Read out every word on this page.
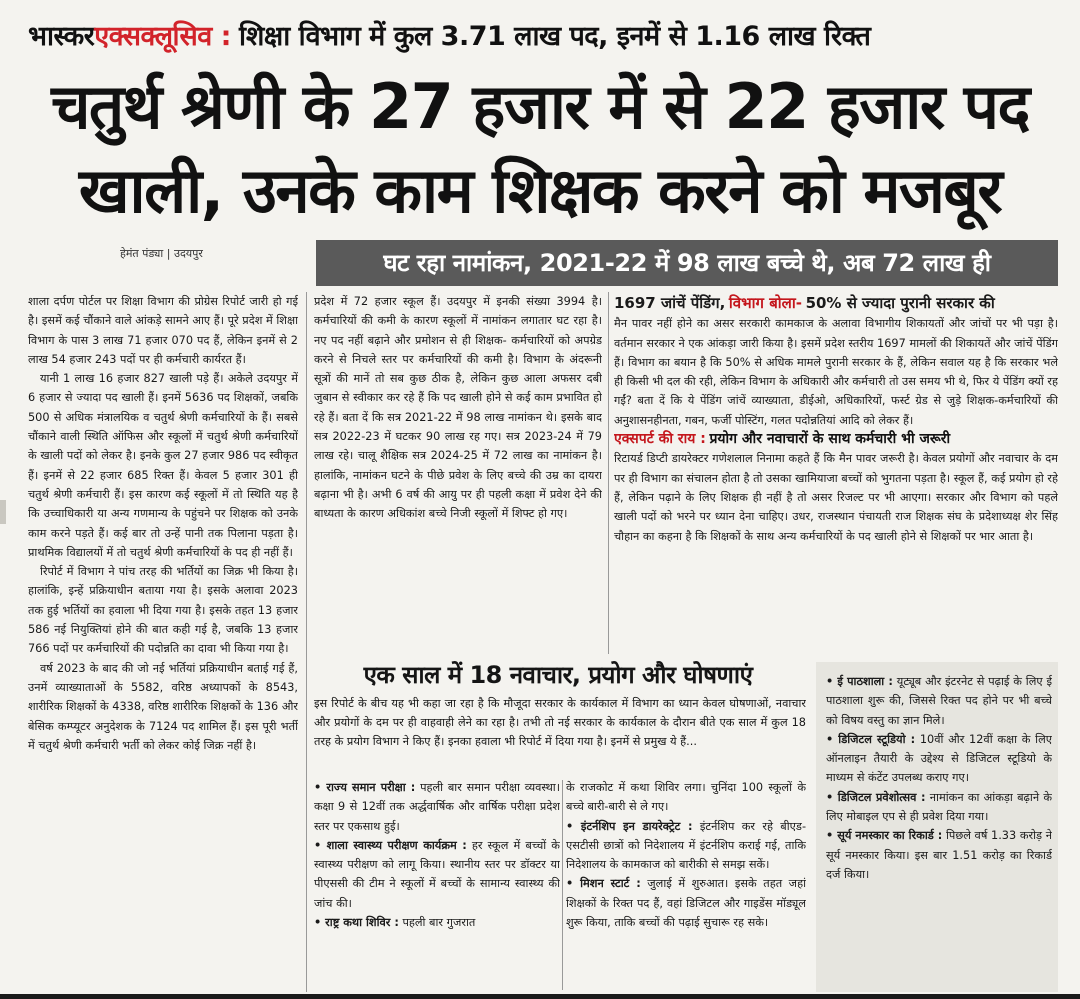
भास्कर एक्सक्लूसिव : शिक्षा विभाग में कुल 3.71 लाख पद, इनमें से 1.16 लाख रिक्त
चतुर्थ श्रेणी के 27 हजार में से 22 हजार पद
खाली, उनके काम शिक्षक करने को मजबूर
हेमंत पंड्या | उदयपुर	घट रहा नामांकन, 2021-22 में 98 लाख बच्चे थे, अब 72 लाख ही

शाला दर्पण पोर्टल पर शिक्षा विभाग की प्रोग्रेस रिपोर्ट जारी हो गई है। इसमें कई चौंकाने वाले आंकड़े सामने आए हैं। पूरे प्रदेश में शिक्षा विभाग के पास 3 लाख 71 हजार 070 पद हैं, लेकिन इनमें से 2 लाख 54 हजार 243 पदों पर ही कर्मचारी कार्यरत हैं।

यानी 1 लाख 16 हजार 827 खाली पड़े हैं। अकेले उदयपुर में 6 हजार से ज्यादा पद खाली हैं। इनमें 5636 पद शिक्षकों, जबकि 500 से अधिक मंत्रालयिक व चतुर्थ श्रेणी कर्मचारियों के हैं। सबसे चौंकाने वाली स्थिति ऑफिस और स्कूलों में चतुर्थ श्रेणी कर्मचारियों के खाली पदों को लेकर है। इनके कुल 27 हजार 986 पद स्वीकृत हैं। इनमें से 22 हजार 685 रिक्त हैं। केवल 5 हजार 301 ही चतुर्थ श्रेणी कर्मचारी हैं। इस कारण कई स्कूलों में तो स्थिति यह है कि उच्चाधिकारी या अन्य गणमान्य के पहुंचने पर शिक्षक को उनके काम करने पड़ते हैं। कई बार तो उन्हें पानी तक पिलाना पड़ता है। प्राथमिक विद्यालयों में तो चतुर्थ श्रेणी कर्मचारियों के पद ही नहीं हैं।

रिपोर्ट में विभाग ने पांच तरह की भर्तियों का जिक्र भी किया है। हालांकि, इन्हें प्रक्रियाधीन बताया गया है। इसके अलावा 2023 तक हुई भर्तियों का हवाला भी दिया गया है। इसके तहत 13 हजार 586 नई नियुक्तियां होने की बात कही गई है, जबकि 13 हजार 766 पदों पर कर्मचारियों की पदोन्नति का दावा भी किया गया है।

वर्ष 2023 के बाद की जो नई भर्तियां प्रक्रियाधीन बताई गई हैं, उनमें व्याख्याताओं के 5582, वरिष्ठ अध्यापकों के 8543, शारीरिक शिक्षकों के 4338, वरिष्ठ शारीरिक शिक्षकों के 136 और बेसिक कम्प्यूटर अनुदेशक के 7124 पद शामिल हैं। इस पूरी भर्ती में चतुर्थ श्रेणी कर्मचारी भर्ती को लेकर कोई जिक्र नहीं है।

प्रदेश में 72 हजार स्कूल हैं। उदयपुर में इनकी संख्या 3994 है। कर्मचारियों की कमी के कारण स्कूलों में नामांकन लगातार घट रहा है। नए पद नहीं बढ़ाने और प्रमोशन से ही शिक्षक- कर्मचारियों को अपग्रेड करने से निचले स्तर पर कर्मचारियों की कमी है। विभाग के अंदरूनी सूत्रों की मानें तो सब कुछ ठीक है, लेकिन कुछ आला अफसर दबी जुबान से स्वीकार कर रहे हैं कि पद खाली होने से कई काम प्रभावित हो रहे हैं। बता दें कि सत्र 2021-22 में 98 लाख नामांकन थे। इसके बाद सत्र 2022-23 में घटकर 90 लाख रह गए। सत्र 2023-24 में 79 लाख रहे। चालू शैक्षिक सत्र 2024-25 में 72 लाख का नामांकन है। हालांकि, नामांकन घटने के पीछे प्रवेश के लिए बच्चे की उम्र का दायरा बढ़ाना भी है। अभी 6 वर्ष की आयु पर ही पहली कक्षा में प्रवेश देने की बाध्यता के कारण अधिकांश बच्चे निजी स्कूलों में शिफ्ट हो गए।

1697 जांचें पेंडिंग, विभाग बोला- 50% से ज्यादा पुरानी सरकार की

मैन पावर नहीं होने का असर सरकारी कामकाज के अलावा विभागीय शिकायतों और जांचों पर भी पड़ा है। वर्तमान सरकार ने एक आंकड़ा जारी किया है। इसमें प्रदेश स्तरीय 1697 मामलों की शिकायतें और जांचें पेंडिंग हैं। विभाग का बयान है कि 50% से अधिक मामले पुरानी सरकार के हैं, लेकिन सवाल यह है कि सरकार भले ही किसी भी दल की रही, लेकिन विभाग के अधिकारी और कर्मचारी तो उस समय भी थे, फिर ये पेंडिंग क्यों रह गईं? बता दें कि ये पेंडिंग जांचें व्याख्याता, डीईओ, अधिकारियों, फर्स्ट ग्रेड से जुड़े शिक्षक-कर्मचारियों की अनुशासनहीनता, गबन, फर्जी पोस्टिंग, गलत पदोन्नतियां आदि को लेकर हैं।

एक्सपर्ट की राय : प्रयोग और नवाचारों के साथ कर्मचारी भी जरूरी

रिटायर्ड डिप्टी डायरेक्टर गणेशलाल निनामा कहते हैं कि मैन पावर जरूरी है। केवल प्रयोगों और नवाचार के दम पर ही विभाग का संचालन होता है तो उसका खामियाजा बच्चों को भुगतना पड़ता है। स्कूल हैं, कई प्रयोग हो रहे हैं, लेकिन पढ़ाने के लिए शिक्षक ही नहीं है तो असर रिजल्ट पर भी आएगा। सरकार और विभाग को पहले खाली पदों को भरने पर ध्यान देना चाहिए। उधर, राजस्थान पंचायती राज शिक्षक संघ के प्रदेशाध्यक्ष शेर सिंह चौहान का कहना है कि शिक्षकों के साथ अन्य कर्मचारियों के पद खाली होने से शिक्षकों पर भार आता है।

एक साल में 18 नवाचार, प्रयोग और घोषणाएं
इस रिपोर्ट के बीच यह भी कहा जा रहा है कि मौजूदा सरकार के कार्यकाल में विभाग का ध्यान केवल घोषणाओं, नवाचार और प्रयोगों के दम पर ही वाहवाही लेने का रहा है। तभी तो नई सरकार के कार्यकाल के दौरान बीते एक साल में कुल 18 तरह के प्रयोग विभाग ने किए हैं। इनका हवाला भी रिपोर्ट में दिया गया है। इनमें से प्रमुख ये हैं...

• राज्य समान परीक्षा : पहली बार समान परीक्षा व्यवस्था। कक्षा 9 से 12वीं तक अर्द्धवार्षिक और वार्षिक परीक्षा प्रदेश स्तर पर एकसाथ हुई।

• शाला स्वास्थ्य परीक्षण कार्यक्रम : हर स्कूल में बच्चों के स्वास्थ्य परीक्षण को लागू किया। स्थानीय स्तर पर डॉक्टर या पीएससी की टीम ने स्कूलों में बच्चों के सामान्य स्वास्थ्य की जांच की।

• राष्ट्र कथा शिविर : पहली बार गुजरात

के राजकोट में कथा शिविर लगा। चुनिंदा 100 स्कूलों के बच्चे बारी-बारी से ले गए।

• इंटर्नशिप इन डायरेक्ट्रेट : इंटर्नशिप कर रहे बीएड-एसटीसी छात्रों को निदेशालय में इंटर्नशिप कराई गई, ताकि निदेशालय के कामकाज को बारीकी से समझ सकें।

• मिशन स्टार्ट : जुलाई में शुरुआत। इसके तहत जहां शिक्षकों के रिक्त पद हैं, वहां डिजिटल और गाइडेंस मॉड्यूल शुरू किया, ताकि बच्चों की पढ़ाई सुचारू रह सके।

• ई पाठशाला : यूट्यूब और इंटरनेट से पढ़ाई के लिए ई पाठशाला शुरू की, जिससे रिक्त पद होने पर भी बच्चे को विषय वस्तु का ज्ञान मिले।

• डिजिटल स्टूडियो : 10वीं और 12वीं कक्षा के लिए ऑनलाइन तैयारी के उद्देश्य से डिजिटल स्टूडियो के माध्यम से कंटेंट उपलब्ध कराए गए।

• डिजिटल प्रवेशोत्सव : नामांकन का आंकड़ा बढ़ाने के लिए मोबाइल एप से ही प्रवेश दिया गया।

• सूर्य नमस्कार का रिकार्ड : पिछले वर्ष 1.33 करोड़ ने सूर्य नमस्कार किया। इस बार 1.51 करोड़ का रिकार्ड दर्ज किया।
